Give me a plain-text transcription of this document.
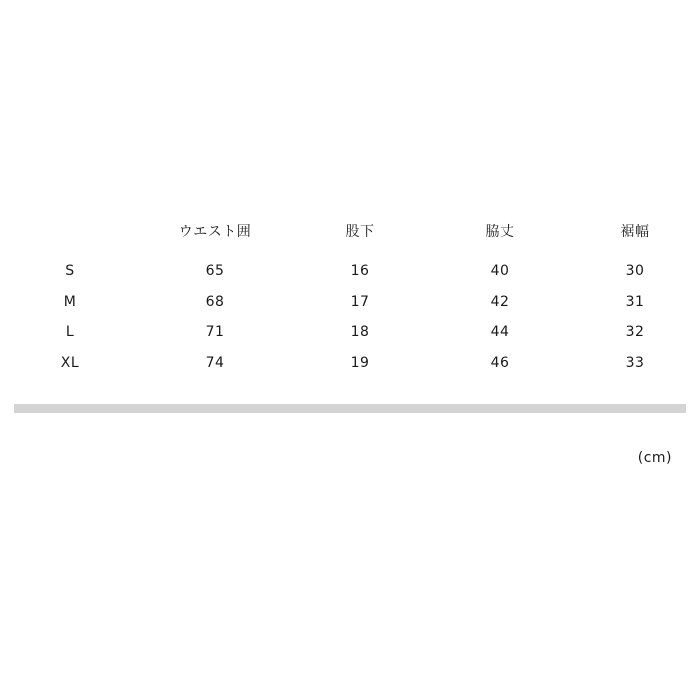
	ウエスト囲	股下	脇丈	裾幅
S	65	16	40	30
M	68	17	42	31
L	71	18	44	32
XL	74	19	46	33
(cm)
